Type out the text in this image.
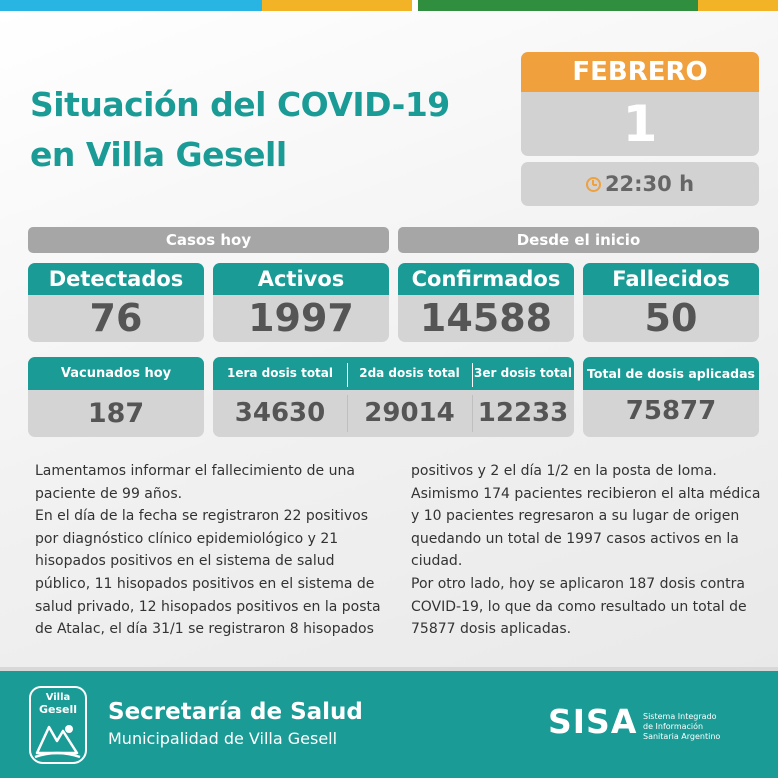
Situación del COVID-19
en Villa Gesell
FEBRERO
1
22:30 h
Casos hoy	Desde el inicio
Detectados
76
Activos
1997
Confirmados
14588
Fallecidos
50
Vacunados hoy
187
1era dosis total	2da dosis total	3er dosis total
34630	29014 12233
Total de dosis aplicadas
75877
Lamentamos informar el fallecimiento de una
paciente de 99 años.
En el día de la fecha se registraron 22 positivos
por diagnóstico clínico epidemiológico y 21
hisopados positivos en el sistema de salud
público, 11 hisopados positivos en el sistema de
salud privado, 12 hisopados positivos en la posta
de Atalac, el día 31/1 se registraron 8 hisopados
positivos y 2 el día 1/2 en la posta de Ioma.
Asimismo 174 pacientes recibieron el alta médica
y 10 pacientes regresaron a su lugar de origen
quedando un total de 1997 casos activos en la
ciudad.
Por otro lado, hoy se aplicaron 187 dosis contra
COVID-19, lo que da como resultado un total de
75877 dosis aplicadas.
Villa
Gesell	Secretaría de Salud
Municipalidad de Villa Gesell	SISA Sistema Integrado
de Información
Sanitaria Argentino
